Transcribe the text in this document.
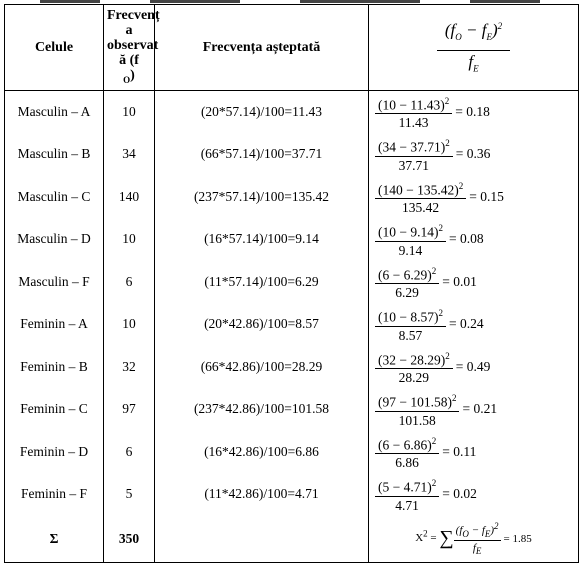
Celule	Frecvenț a observat ă $(f_O)$	Frecvența așteptată	$\frac{(f_O - f_E)^2}{f_E}$

Masculin – A	10	(20*57.14)/100=11.43	$\frac{(10 - 11.43)^2}{11.43} = 0.18$
Masculin – B	34	(66*57.14)/100=37.71	$\frac{(34 - 37.71)^2}{37.71} = 0.36$
Masculin – C	140	(237*57.14)/100=135.42	$\frac{(140 - 135.42)^2}{135.42} = 0.15$
Masculin – D	10	(16*57.14)/100=9.14	$\frac{(10 - 9.14)^2}{9.14} = 0.08$
Masculin – F	6	(11*57.14)/100=6.29	$\frac{(6 - 6.29)^2}{6.29} = 0.01$
Feminin – A	10	(20*42.86)/100=8.57	$\frac{(10 - 8.57)^2}{8.57} = 0.24$
Feminin – B	32	(66*42.86)/100=28.29	$\frac{(32 - 28.29)^2}{28.29} = 0.49$
Feminin – C	97	(237*42.86)/100=101.58	$\frac{(97 - 101.58)^2}{101.58} = 0.21$
Feminin – D	6	(16*42.86)/100=6.86	$\frac{(6 - 6.86)^2}{6.86} = 0.11$
Feminin – F	5	(11*42.86)/100=4.71	$\frac{(5 - 4.71)^2}{4.71} = 0.02$
Σ	350		$X^2$ = ∑ $\frac{(f_O - f_E)^2}{f_E} = 1.85$
